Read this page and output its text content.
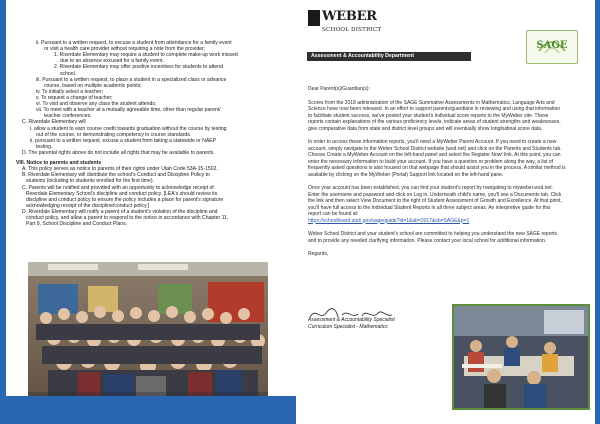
ii. Pursuant to a written request, to excuse a student from attendance for a family event
or visit a health care provider without requiring a note from the provider;
1. Riverdale Elementary may require a student to complete make-up work missed
due to an absence excused for a family event.
2. Riverdale Elementary may offer positive incentives for students to attend
school.
iii. Pursuant to a written request, to place a student in a specialized class or advance
course, based on multiple academic points;
iv. To initially select a teacher;
v. To request a change of teacher;
vi. To visit and observe any class the student attends;
vii. To meet with a teacher at a mutually agreeable time, other than regular parent/
teacher conferences.
C. Riverdale Elementary will
i. allow a student to earn course credit towards graduation without the course by testing
out of the course, or demonstrating competency in course standards.
ii. pursuant to a written request, excuse a student from taking a statewide or NAEP
testing.
D. The parental rights above do not include all rights that may be available to parents.
VIII. Notice to parents and students
A. This policy serves as notice to parents of their rights under Utah Code 53A-15-1502.
B. Riverdale Elementary will distribute the school's Conduct and Discipline Policy to
students (including to students enrolled for the first time).
C. Parents will be notified and provided with an opportunity to acknowledge receipt of
Riverdale Elementary School's discipline and conduct policy. [LEA's should review its
discipline and conduct policy to ensure the policy includes a place for parent's signature
acknowledging receipt of the discipline/conduct policy.]
D. Riverdale Elementary will notify a parent of a student's violation of the discipline and
conduct policy, and allow a parent to respond to the notice in accordance with Chapter 11,
Part 9, School Discipline and Conduct Plans.
WEBER
SCHOOL DISTRICT
SAGE
Assessment & Accountability Department
Dear Parent(s)/Guardian(s):
Scores from the 2018 administration of the SAGE Summative Assessments in Mathematics, Language Arts and
Science have now been released. In an effort to support parents/guardians in reviewing and using that information
to facilitate student success, we've posted your student's individual score reports to the MyWeber site. These
reports contain explanations of the various proficiency levels, indicate areas of student strengths and weaknesses,
give comparative data from state and district level groups and will eventually show longitudinal score data.
In order to access these information reports, you'll need a MyWeber Parent Account. If you need to create a new
account, simply navigate to the Weber School District website (wsd.net) and click on the Parents and Students tab.
Choose Create a MyWeber Account on the left-hand panel and select the Register Now! link. At this point, you can
enter the necessary information to build your account. If you have a question or problem along the way, a list of
frequently asked questions is also housed on that webpage that should assist you in the process. A similar method is
available by clicking on the MyWeber (Portal) Support link located on the left-hand pane.
Once your account has been established, you can find your student's report by navigating to myweber.wsd.net.
Enter the username and password and click on Log in. Underneath child's name, you'll see a Documents tab. Click
the link and then select View Document to the right of Student Assessment of Growth and Excellence. At that point,
you'll have full access to the Individual Student Reports in all three subject areas. An interpretive guide for this
report can be found at:
https://schoolboard.utah.gov/sage/guide?id=1&ab=2017&sb=SAGE&p=1
Weber School District and your student's school are committed to helping you understand the new SAGE reports
and to provide any needed clarifying information. Please contact your local school for additional information.
Regards,
Assessment & Accountability Specialist
Curriculum Specialist - Mathematics
